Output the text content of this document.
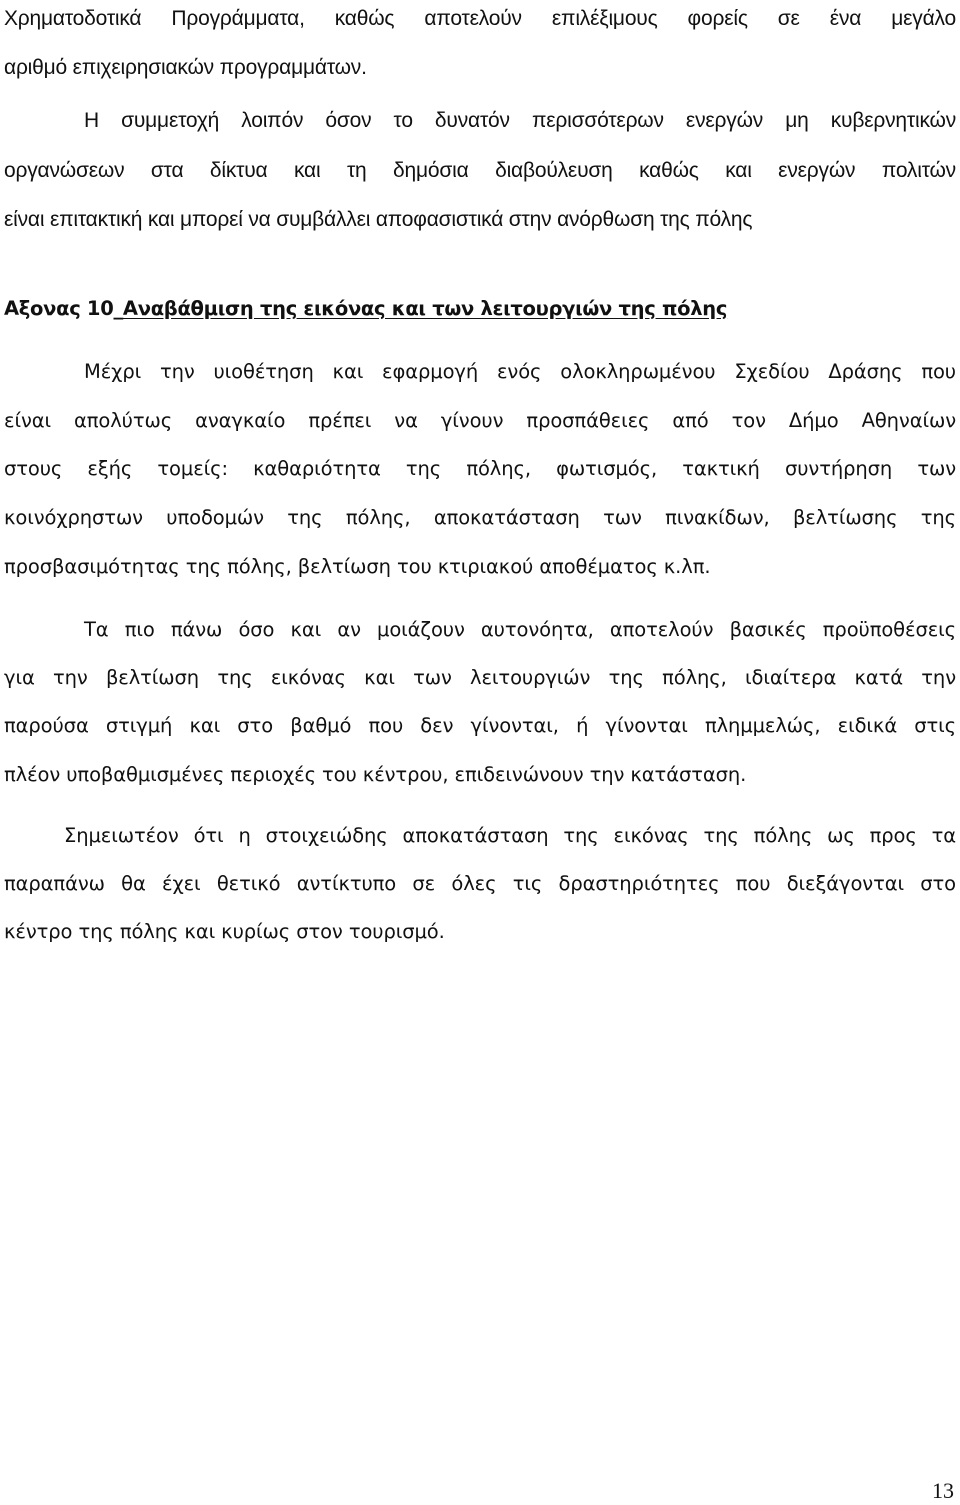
Χρηματοδοτικά Προγράμματα, καθώς αποτελούν επιλέξιμους φορείς σε ένα μεγάλο
αριθμό επιχειρησιακών προγραμμάτων.
Η συμμετοχή λοιπόν όσον το δυνατόν περισσότερων ενεργών μη κυβερνητικών
οργανώσεων στα δίκτυα και τη δημόσια διαβούλευση καθώς και ενεργών πολιτών
είναι επιτακτική και μπορεί να συμβάλλει αποφασιστικά στην ανόρθωση της πόλης
Αξονας 10_Αναβάθμιση της εικόνας και των λειτουργιών της πόλης
Μέχρι την υιοθέτηση και εφαρμογή ενός ολοκληρωμένου Σχεδίου Δράσης που
είναι απολύτως αναγκαίο πρέπει να γίνουν προσπάθειες από τον Δήμο Αθηναίων
στους εξής τομείς: καθαριότητα της πόλης, φωτισμός, τακτική συντήρηση των
κοινόχρηστων υποδομών της πόλης, αποκατάσταση των πινακίδων, βελτίωσης της
προσβασιμότητας της πόλης, βελτίωση του κτιριακού αποθέματος κ.λπ.
Τα πιο πάνω όσο και αν μοιάζουν αυτονόητα, αποτελούν βασικές προϋποθέσεις
για την βελτίωση της εικόνας και των λειτουργιών της πόλης, ιδιαίτερα κατά την
παρούσα στιγμή και στο βαθμό που δεν γίνονται, ή γίνονται πλημμελώς, ειδικά στις
πλέον υποβαθμισμένες περιοχές του κέντρου, επιδεινώνουν την κατάσταση.
Σημειωτέον ότι η στοιχειώδης αποκατάσταση της εικόνας της πόλης ως προς τα
παραπάνω θα έχει θετικό αντίκτυπο σε όλες τις δραστηριότητες που διεξάγονται στο
κέντρο της πόλης και κυρίως στον τουρισμό.
13
